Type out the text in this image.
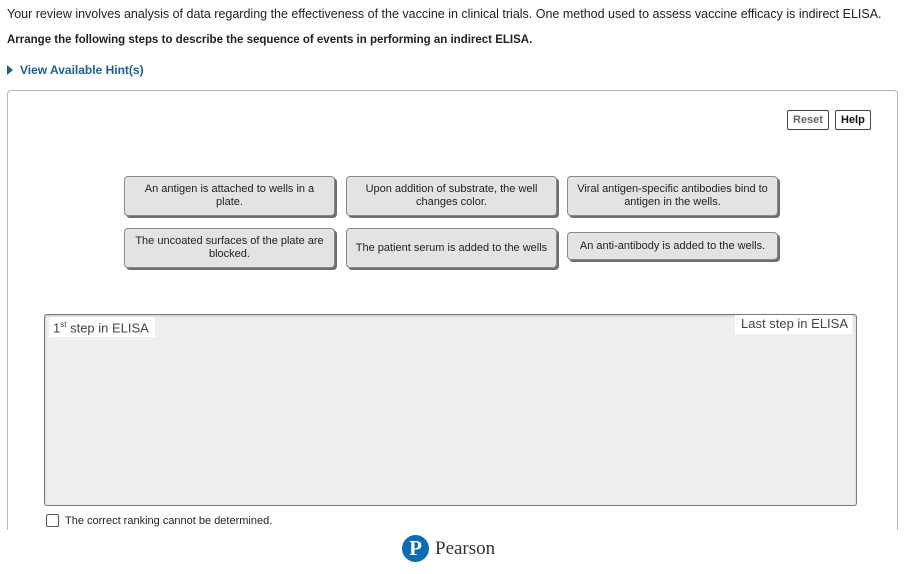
Your review involves analysis of data regarding the effectiveness of the vaccine in clinical trials. One method used to assess vaccine efficacy is indirect ELISA.
Arrange the following steps to describe the sequence of events in performing an indirect ELISA.
View Available Hint(s)
Reset	Help
An antigen is attached to wells in a plate.
Upon addition of substrate, the well changes color.
Viral antigen-specific antibodies bind to antigen in the wells.
The uncoated surfaces of the plate are blocked.
The patient serum is added to the wells	An anti-antibody is added to the wells.
1st step in ELISA	Last step in ELISA
The correct ranking cannot be determined.
P Pearson
